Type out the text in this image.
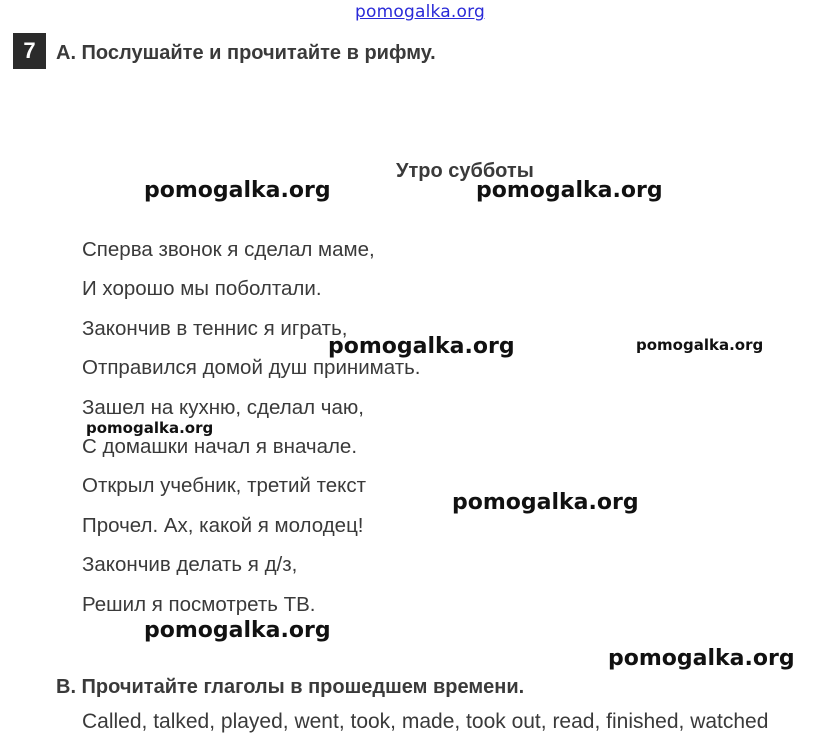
pomogalka.org
7	A. Послушайте и прочитайте в рифму.
Утро субботы
Сперва звонок я сделал маме,
И хорошо мы поболтали.
Закончив в теннис я играть,
Отправился домой душ принимать.
Зашел на кухню, сделал чаю,
С домашки начал я вначале.
Открыл учебник, третий текст
Прочел. Ах, какой я молодец!
Закончив делать я д/з,
Решил я посмотреть ТВ.
B. Прочитайте глаголы в прошедшем времени.
Called, talked, played, went, took, made, took out, read, finished, watched
pomogalka.org	pomogalka.org
pomogalka.org	pomogalka.org
pomogalka.org
pomogalka.org
pomogalka.org
pomogalka.org
